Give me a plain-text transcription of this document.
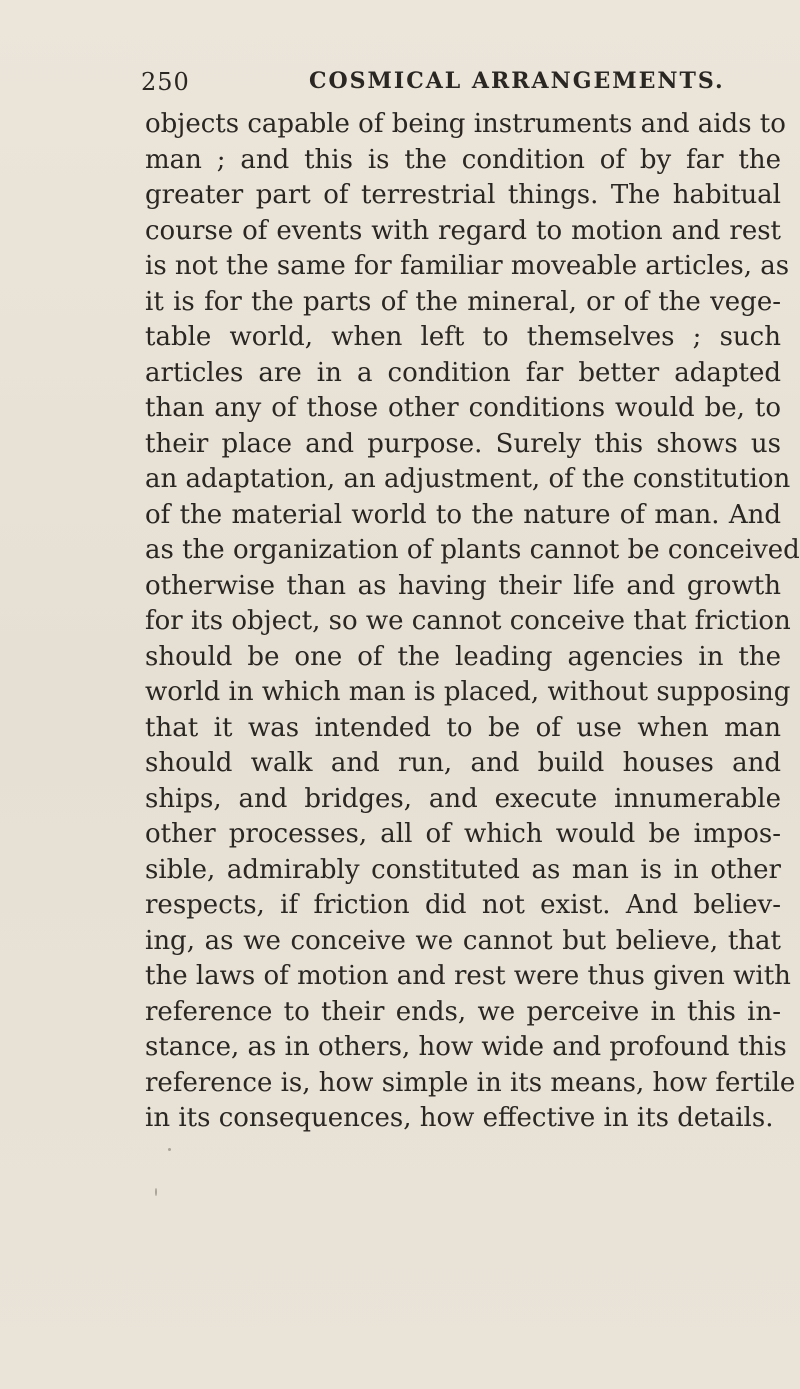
250	COSMICAL ARRANGEMENTS.
objects capable of being instruments and aids to
man ; and this is the condition of by far the
greater part of terrestrial things. The habitual
course of events with regard to motion and rest
is not the same for familiar moveable articles, as
it is for the parts of the mineral, or of the vege-
table world, when left to themselves ; such
articles are in a condition far better adapted
than any of those other conditions would be, to
their place and purpose. Surely this shows us
an adaptation, an adjustment, of the constitution
of the material world to the nature of man. And
as the organization of plants cannot be conceived
otherwise than as having their life and growth
for its object, so we cannot conceive that friction
should be one of the leading agencies in the
world in which man is placed, without supposing
that it was intended to be of use when man
should walk and run, and build houses and
ships, and bridges, and execute innumerable
other processes, all of which would be impos-
sible, admirably constituted as man is in other
respects, if friction did not exist. And believ-
ing, as we conceive we cannot but believe, that
the laws of motion and rest were thus given with
reference to their ends, we perceive in this in-
stance, as in others, how wide and profound this
reference is, how simple in its means, how fertile
in its consequences, how effective in its details.
